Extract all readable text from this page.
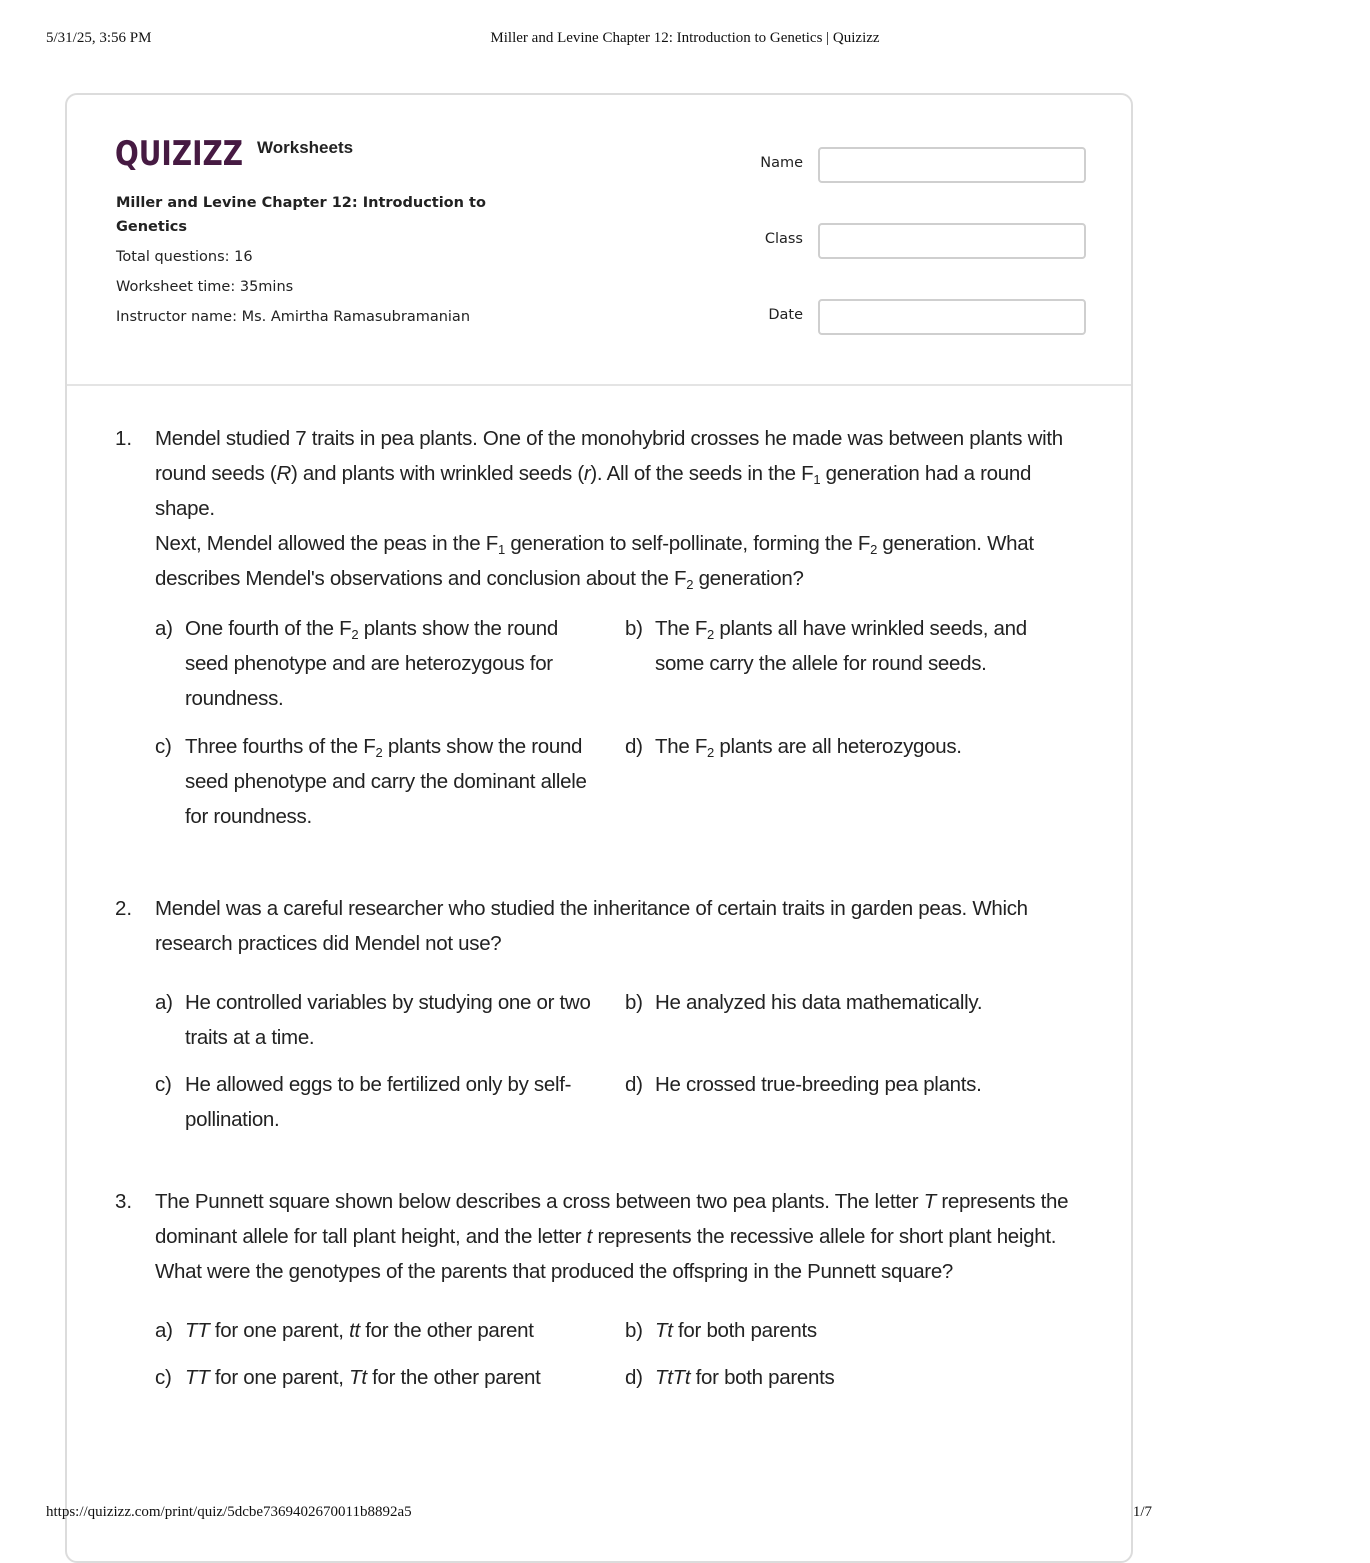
5/31/25, 3:56 PM	Miller and Levine Chapter 12: Introduction to Genetics | Quizizz
QUIZIZZ Worksheets
Miller and Levine Chapter 12: Introduction to Genetics
Total questions: 16
Worksheet time: 35mins
Instructor name: Ms. Amirtha Ramasubramanian
Name
Class
Date
1. Mendel studied 7 traits in pea plants. One of the monohybrid crosses he made was between plants with round seeds (R) and plants with wrinkled seeds (r). All of the seeds in the $F_1$ generation had a round shape.
Next, Mendel allowed the peas in the $F_1$ generation to self-pollinate, forming the $F_2$ generation. What describes Mendel's observations and conclusion about the $F_2$ generation?
a) One fourth of the $F_2$ plants show the round seed phenotype and are heterozygous for roundness.
b) The $F_2$ plants all have wrinkled seeds, and some carry the allele for round seeds.
c) Three fourths of the $F_2$ plants show the round seed phenotype and carry the dominant allele for roundness.
d) The $F_2$ plants are all heterozygous.
2. Mendel was a careful researcher who studied the inheritance of certain traits in garden peas. Which research practices did Mendel not use?
a) He controlled variables by studying one or two traits at a time.
b) He analyzed his data mathematically.
c) He allowed eggs to be fertilized only by self-pollination.
d) He crossed true-breeding pea plants.
3. The Punnett square shown below describes a cross between two pea plants. The letter T represents the dominant allele for tall plant height, and the letter t represents the recessive allele for short plant height. What were the genotypes of the parents that produced the offspring in the Punnett square?
a) TT for one parent, tt for the other parent	b) Tt for both parents
c) TT for one parent, Tt for the other parent	d) TtTt for both parents
https://quizizz.com/print/quiz/5dcbe7369402670011b8892a5	1/7
